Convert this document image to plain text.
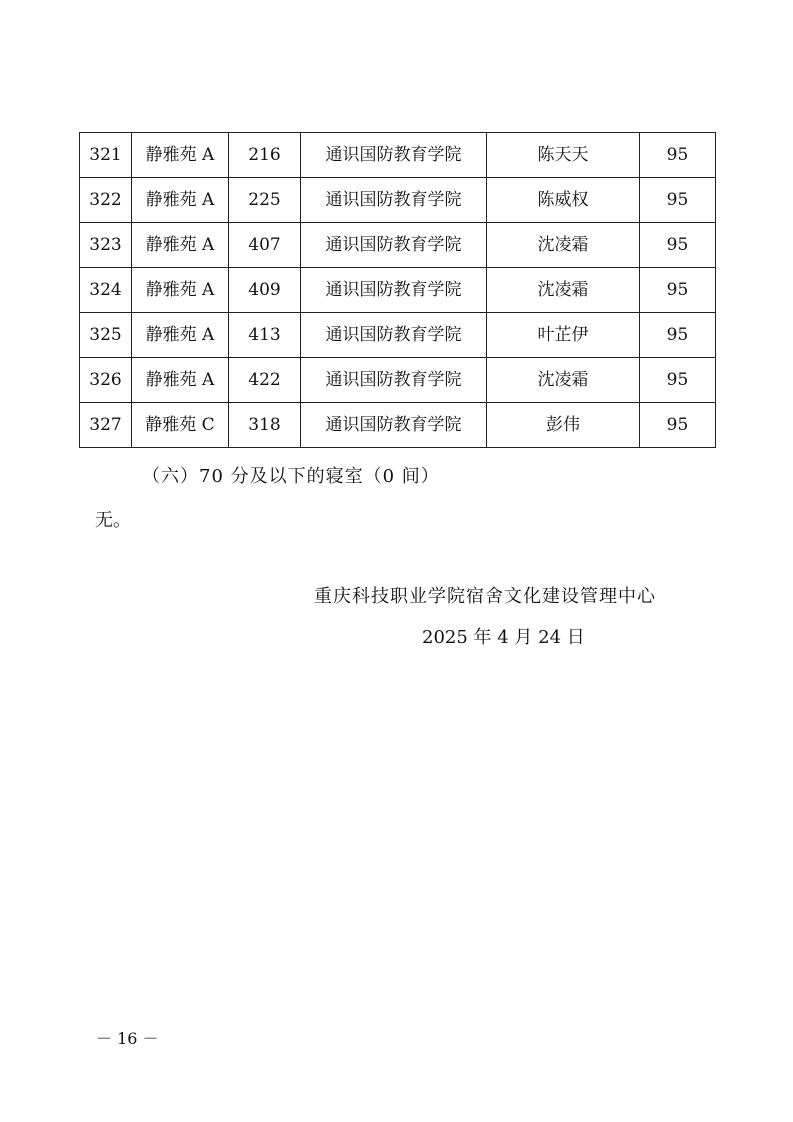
321	静雅苑 A	216	通识国防教育学院	陈天天	95
322	静雅苑 A	225	通识国防教育学院	陈威权	95
323	静雅苑 A	407	通识国防教育学院	沈凌霜	95
324	静雅苑 A	409	通识国防教育学院	沈凌霜	95
325	静雅苑 A	413	通识国防教育学院	叶芷伊	95
326	静雅苑 A	422	通识国防教育学院	沈凌霜	95
327	静雅苑 C	318	通识国防教育学院	彭伟	95
（六）70 分及以下的寝室（0 间）
无。
重庆科技职业学院宿舍文化建设管理中心
2025 年 4 月 24 日
－ 16 －
